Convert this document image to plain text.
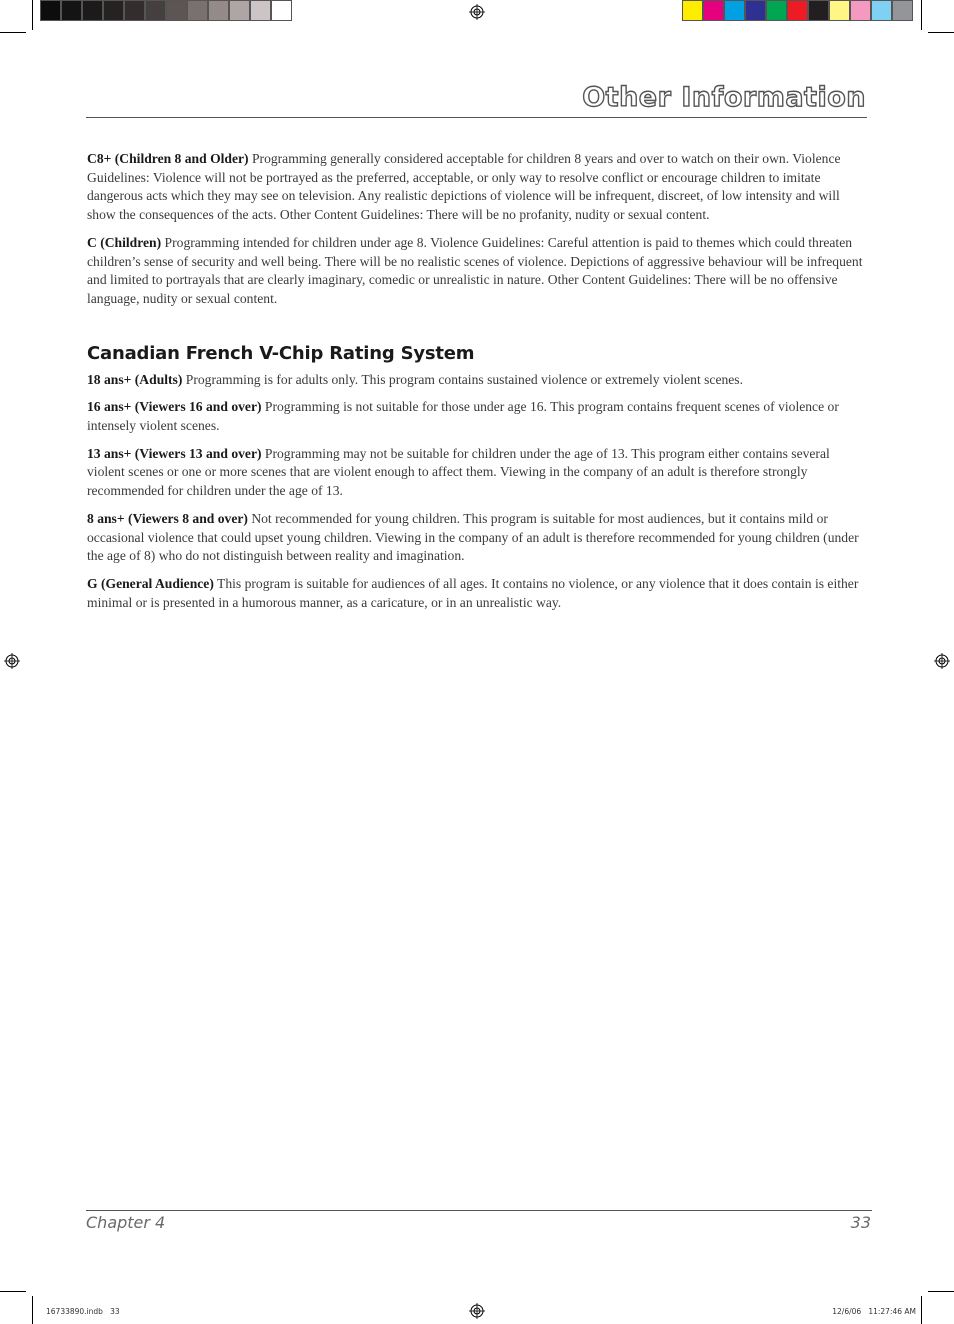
Other Information

C8+ (Children 8 and Older) Programming generally considered acceptable for children 8 years and over to watch on their own. Violence Guidelines: Violence will not be portrayed as the preferred, acceptable, or only way to resolve conflict or encourage children to imitate dangerous acts which they may see on television. Any realistic depictions of violence will be infrequent, discreet, of low intensity and will show the consequences of the acts. Other Content Guidelines: There will be no profanity, nudity or sexual content.

C (Children) Programming intended for children under age 8. Violence Guidelines: Careful attention is paid to themes which could threaten children’s sense of security and well being. There will be no realistic scenes of violence. Depictions of aggressive behaviour will be infrequent and limited to portrayals that are clearly imaginary, comedic or unrealistic in nature. Other Content Guidelines: There will be no offensive language, nudity or sexual content.

Canadian French V-Chip Rating System

18 ans+ (Adults) Programming is for adults only. This program contains sustained violence or extremely violent scenes.

16 ans+ (Viewers 16 and over) Programming is not suitable for those under age 16. This program contains frequent scenes of violence or intensely violent scenes.

13 ans+ (Viewers 13 and over) Programming may not be suitable for children under the age of 13. This program either contains several violent scenes or one or more scenes that are violent enough to affect them. Viewing in the company of an adult is therefore strongly recommended for children under the age of 13.

8 ans+ (Viewers 8 and over) Not recommended for young children. This program is suitable for most audiences, but it contains mild or occasional violence that could upset young children. Viewing in the company of an adult is therefore recommended for young children (under the age of 8) who do not distinguish between reality and imagination.

G (General Audience) This program is suitable for audiences of all ages. It contains no violence, or any violence that it does contain is either minimal or is presented in a humorous manner, as a caricature, or in an unrealistic way.

Chapter 4	33
16733890.indb   33	12/6/06   11:27:46 AM
